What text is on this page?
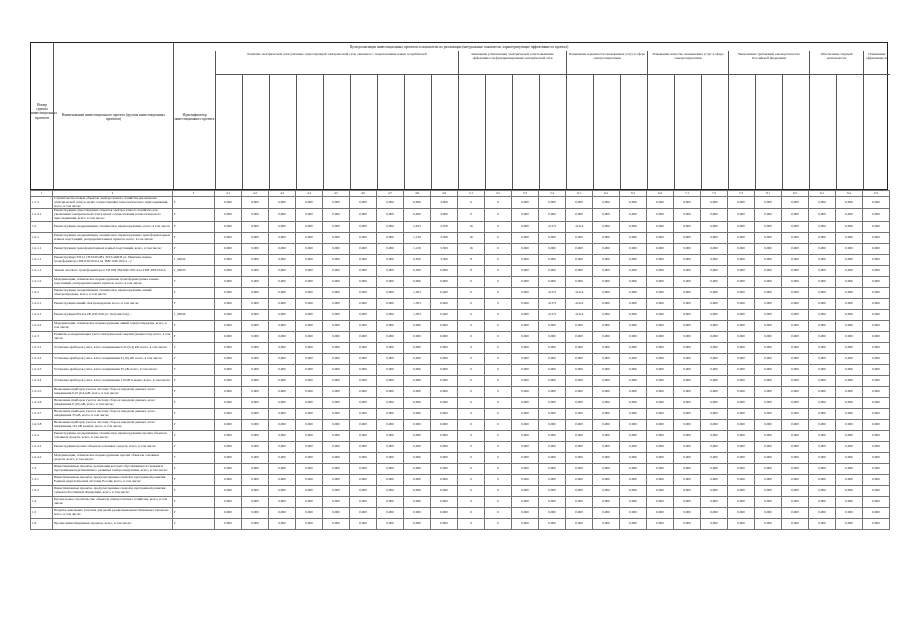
Цели реализации инвестиционных проектов и показатели их реализации (натуральные показатели, характеризующие эффективность проекта)
Номер группы инвестиционных проектов
Наименование инвестиционного проекта (группы инвестиционных проектов)
Идентификатор инвестиционного проекта
Развитие электрической сети/усиление существующей электрической сети, связанное с подключением новых потребителей	Замещение (обновление) электрической сети/повышение эффективности функционирования электрической сети
Повышение надежности оказываемых услуг в сфере электроэнергетики
Повышение качества оказываемых услуг в сфере электроэнергетики
Выполнение требований законодательства Российской Федерации
Обеспечение текущей деятельности
Повышение эффективности
1	2	3	4.1	4.2	4.3	4.4	4.5	4.6	4.7	4.8	4.9	5.1	5.2	5.3	5.4	6.1	6.2	6.3	6.4	7.1	7.2	7.3	8.1	8.2	9.1	9.2	9.3
1.1.3	Строительство новых объектов электросетевого хозяйства (не включая электрической сети) в целях осуществления технологического присоединения, всего, в том числе:	Г	0,000	0,000	0,000	0,000	0,000	0,000	0,000	0,000	3,000	0	0	0,000	0,000	0,000	0,000	0,000	0,000	0,000	0,000	0,000	0,000	0,000	0,000	0,000	0,000
1.1.4.1	Реконструкция существующих объектов электросетевого хозяйства для увеличения электрической сети в целях осуществления технологического присоединения, всего, в том числе:	Г	0,000	0,000	0,000	0,000	0,000	0,000	0,000	0,000	3,000	0	0	0,000	0,000	0,000	0,000	0,000	0,000	0,000	0,000	0,000	0,000	0,000	0,000	0,000	0,000
1.2	Реконструкция, модернизация, техническое перевооружение, всего, в том числе:	Г	0,000	0,000	0,000	0,000	0,000	0,000	0,000	2,633	3,700	16	0	0,000	-0,371	-0,414	0,000	0,000	0,000	0,000	0,000	0,000	0,000	0,000	0,000	0,000	0,000
1.2.1	Реконструкция, модернизация, техническое перевооружение трансформаторных и иных подстанций, распределительных пунктов, всего, в том числе:	Г	0,000	0,000	0,000	0,000	0,000	0,000	0,000	1,130	3,300	16	0	0,000	0,000	0,000	0,000	0,000	0,000	0,000	0,000	0,000	0,000	0,000	0,000	0,000	0,000
1.2.1.1	Реконструкция трансформаторных и иных подстанций, всего, в том числе:	Г	0,000	0,000	0,000	0,000	0,000	0,000	0,000	1,130	3,300	16	0	0,000	0,000	0,000	0,000	0,000	0,000	0,000	0,000	0,000	0,000	0,000	0,000	0,000	0,000
1.2.1.1	Реконструкция ТП 41 (ТП 640 кВт, ТП 0,4кВ/П ул. Минская замена трансформатора ТМ-630/10/0,4 на ТМГ-630/10/0,4 ...)	J_SDO2	0,000	0,000	0,000	0,000	0,000	0,000	0,000	0,630	3,300	8	0	0,000	0,000	0,000	0,000	0,000	0,000	0,000	0,000	0,000	0,000	0,000	0,000	0,000	0,000
1.2.1.1	Замена силового трансформатора в ТП 639 ТМ-630/10/0,4 на ТМГ-630/10/0,4	J_SDO3	0,000	0,000	0,000	0,000	0,000	0,000	0,000	0,500	0,000	8	0	0,000	0,000	0,000	0,000	0,000	0,000	0,000	0,000	0,000	0,000	0,000	0,000	0,000	0,000
1.2.1.2	Модернизация, техническое перевооружение трансформаторных и иных подстанций, распределительных пунктов, всего, в том числе:	Г	0,000	0,000	0,000	0,000	0,000	0,000	0,000	0,000	0,000	0	0	0,000	0,000	0,000	0,000	0,000	0,000	0,000	0,000	0,000	0,000	0,000	0,000	0,000	0,000
1.2.2	Реконструкция, модернизация, техническое перевооружение линий электропередачи, всего, в том числе:	Г	0,000	0,000	0,000	0,000	0,000	0,000	0,000	1,503	0,400	0	0	0,000	-0,371	-0,414	0,000	0,000	0,000	0,000	0,000	0,000	0,000	0,000	0,000	0,000	0,000
1.2.2.1	Реконструкция линий электропередачи, всего, в том числе:	Г	0,000	0,000	0,000	0,000	0,000	0,000	0,000	1,503	0,400	0	0	0,000	-0,371	-0,414	0,000	0,000	0,000	0,000	0,000	0,000	0,000	0,000	0,000	0,000	0,000
1.2.2.1	Реконструкция ВЛ-0,4 кВ (ТП-639 ул. Энтузиастов) ...	J_SDO4	0,000	0,000	0,000	0,000	0,000	0,000	0,000	1,503	0,400	0	0	0,000	-0,371	-0,414	0,000	0,000	0,000	0,000	0,000	0,000	0,000	0,000	0,000	0,000	0,000
1.2.2.2	Модернизация, техническое перевооружение линий электропередачи, всего, в том числе:	Г	0,000	0,000	0,000	0,000	0,000	0,000	0,000	0,000	0,000	0	0	0,000	0,000	0,000	0,000	0,000	0,000	0,000	0,000	0,000	0,000	0,000	0,000	0,000	0,000
1.2.3	Развитие и модернизация учета электрической энергии (мощности), всего, в том числе:	Г	0,000	0,000	0,000	0,000	0,000	0,000	0,000	0,000	0,000	0	0	0,000	0,000	0,000	0,000	0,000	0,000	0,000	0,000	0,000	0,000	0,000	0,000	0,000	0,000
1.2.3.1	Установка приборов учета, класс напряжения 0,22 (0,4) кВ, всего, в том числе:	Г	0,000	0,000	0,000	0,000	0,000	0,000	0,000	0,000	0,000	0	0	0,000	0,000	0,000	0,000	0,000	0,000	0,000	0,000	0,000	0,000	0,000	0,000	0,000	0,000
1.2.3.2	Установка приборов учета, класс напряжения 6 (10) кВ, всего, в том числе:	Г	0,000	0,000	0,000	0,000	0,000	0,000	0,000	0,000	0,000	0	0	0,000	0,000	0,000	0,000	0,000	0,000	0,000	0,000	0,000	0,000	0,000	0,000	0,000	0,000
1.2.3.3	Установка приборов учета, класс напряжения 35 кВ, всего, в том числе:	Г	0,000	0,000	0,000	0,000	0,000	0,000	0,000	0,000	0,000	0	0	0,000	0,000	0,000	0,000	0,000	0,000	0,000	0,000	0,000	0,000	0,000	0,000	0,000	0,000
1.2.3.4	Установка приборов учета, класс напряжения 110 кВ и выше, всего, в том числе:	Г	0,000	0,000	0,000	0,000	0,000	0,000	0,000	0,000	0,000	0	0	0,000	0,000	0,000	0,000	0,000	0,000	0,000	0,000	0,000	0,000	0,000	0,000	0,000	0,000
1.2.3.5	Включение приборов учета в систему сбора и передачи данных, класс напряжения 0,22 (0,4) кВ, всего, в том числе:	Г	0,000	0,000	0,000	0,000	0,000	0,000	0,000	0,000	0,000	0	0	0,000	0,000	0,000	0,000	0,000	0,000	0,000	0,000	0,000	0,000	0,000	0,000	0,000	0,000
1.2.3.6	Включение приборов учета в систему сбора и передачи данных, класс напряжения 6 (10) кВ, всего, в том числе:	Г	0,000	0,000	0,000	0,000	0,000	0,000	0,000	0,000	0,000	0	0	0,000	0,000	0,000	0,000	0,000	0,000	0,000	0,000	0,000	0,000	0,000	0,000	0,000	0,000
1.2.3.7	Включение приборов учета в систему сбора и передачи данных, класс напряжения 35 кВ, всего, в том числе:	Г	0,000	0,000	0,000	0,000	0,000	0,000	0,000	0,000	0,000	0	0	0,000	0,000	0,000	0,000	0,000	0,000	0,000	0,000	0,000	0,000	0,000	0,000	0,000	0,000
1.2.3.8	Включение приборов учета в систему сбора и передачи данных, класс напряжения 110 кВ и выше, всего, в том числе:	Г	0,000	0,000	0,000	0,000	0,000	0,000	0,000	0,000	0,000	0	0	0,000	0,000	0,000	0,000	0,000	0,000	0,000	0,000	0,000	0,000	0,000	0,000	0,000	0,000
1.2.4	Реконструкция, модернизация, техническое перевооружение прочих объектов основных средств, всего, в том числе:	Г	0,000	0,000	0,000	0,000	0,000	0,000	0,000	0,000	0,000	0	0	0,000	0,000	0,000	0,000	0,000	0,000	0,000	0,000	0,000	0,000	0,000	0,000	0,000	0,000
1.2.4.1	Реконструкция прочих объектов основных средств, всего, в том числе:	Г	0,000	0,000	0,000	0,000	0,000	0,000	0,000	0,000	0,000	0	0	0,000	0,000	0,000	0,000	0,000	0,000	0,000	0,000	0,000	0,000	0,000	0,000	0,000	0,000
1.2.4.2	Модернизация, техническое перевооружение прочих объектов основных средств, всего, в том числе:	Г	0,000	0,000	0,000	0,000	0,000	0,000	0,000	0,000	0,000	0	0	0,000	0,000	0,000	0,000	0,000	0,000	0,000	0,000	0,000	0,000	0,000	0,000	0,000	0,000
1.3	Инвестиционные проекты, реализация которых обуславливается схемами и программами перспективного развития электроэнергетики, всего, в том числе:	Г	0,000	0,000	0,000	0,000	0,000	0,000	0,000	0,000	0,000	0	0	0,000	0,000	0,000	0,000	0,000	0,000	0,000	0,000	0,000	0,000	0,000	0,000	0,000	0,000
1.3.1	Инвестиционные проекты, предусмотренные схемой и программой развития Единой энергетической системы России, всего, в том числе:	Г	0,000	0,000	0,000	0,000	0,000	0,000	0,000	0,000	0,000	0	0	0,000	0,000	0,000	0,000	0,000	0,000	0,000	0,000	0,000	0,000	0,000	0,000	0,000	0,000
1.3.2	Инвестиционные проекты, предусмотренные схемой и программой развития субъекта Российской Федерации, всего, в том числе:	Г	0,000	0,000	0,000	0,000	0,000	0,000	0,000	0,000	0,000	0	0	0,000	0,000	0,000	0,000	0,000	0,000	0,000	0,000	0,000	0,000	0,000	0,000	0,000	0,000
1.4	Прочее новое строительство объектов электросетевого хозяйства, всего, в том числе:	Г	0,000	0,000	0,000	0,000	0,000	0,000	0,000	0,000	0,000	0	0	0,000	0,000	0,000	0,000	0,000	0,000	0,000	0,000	0,000	0,000	0,000	0,000	0,000	0,000
1.5	Покупка земельных участков для целей реализации инвестиционных проектов, всего, в том числе:	Г	0,000	0,000	0,000	0,000	0,000	0,000	0,000	0,000	0,000	0	0	0,000	0,000	0,000	0,000	0,000	0,000	0,000	0,000	0,000	0,000	0,000	0,000	0,000	0,000
1.6	Прочие инвестиционные проекты, всего, в том числе:	Г	0,000	0,000	0,000	0,000	0,000	0,000	0,000	0,000	0,000	0	0	0,000	0,000	0,000	0,000	0,000	0,000	0,000	0,000	0,000	0,000	0,000	0,000	0,000	0,000
